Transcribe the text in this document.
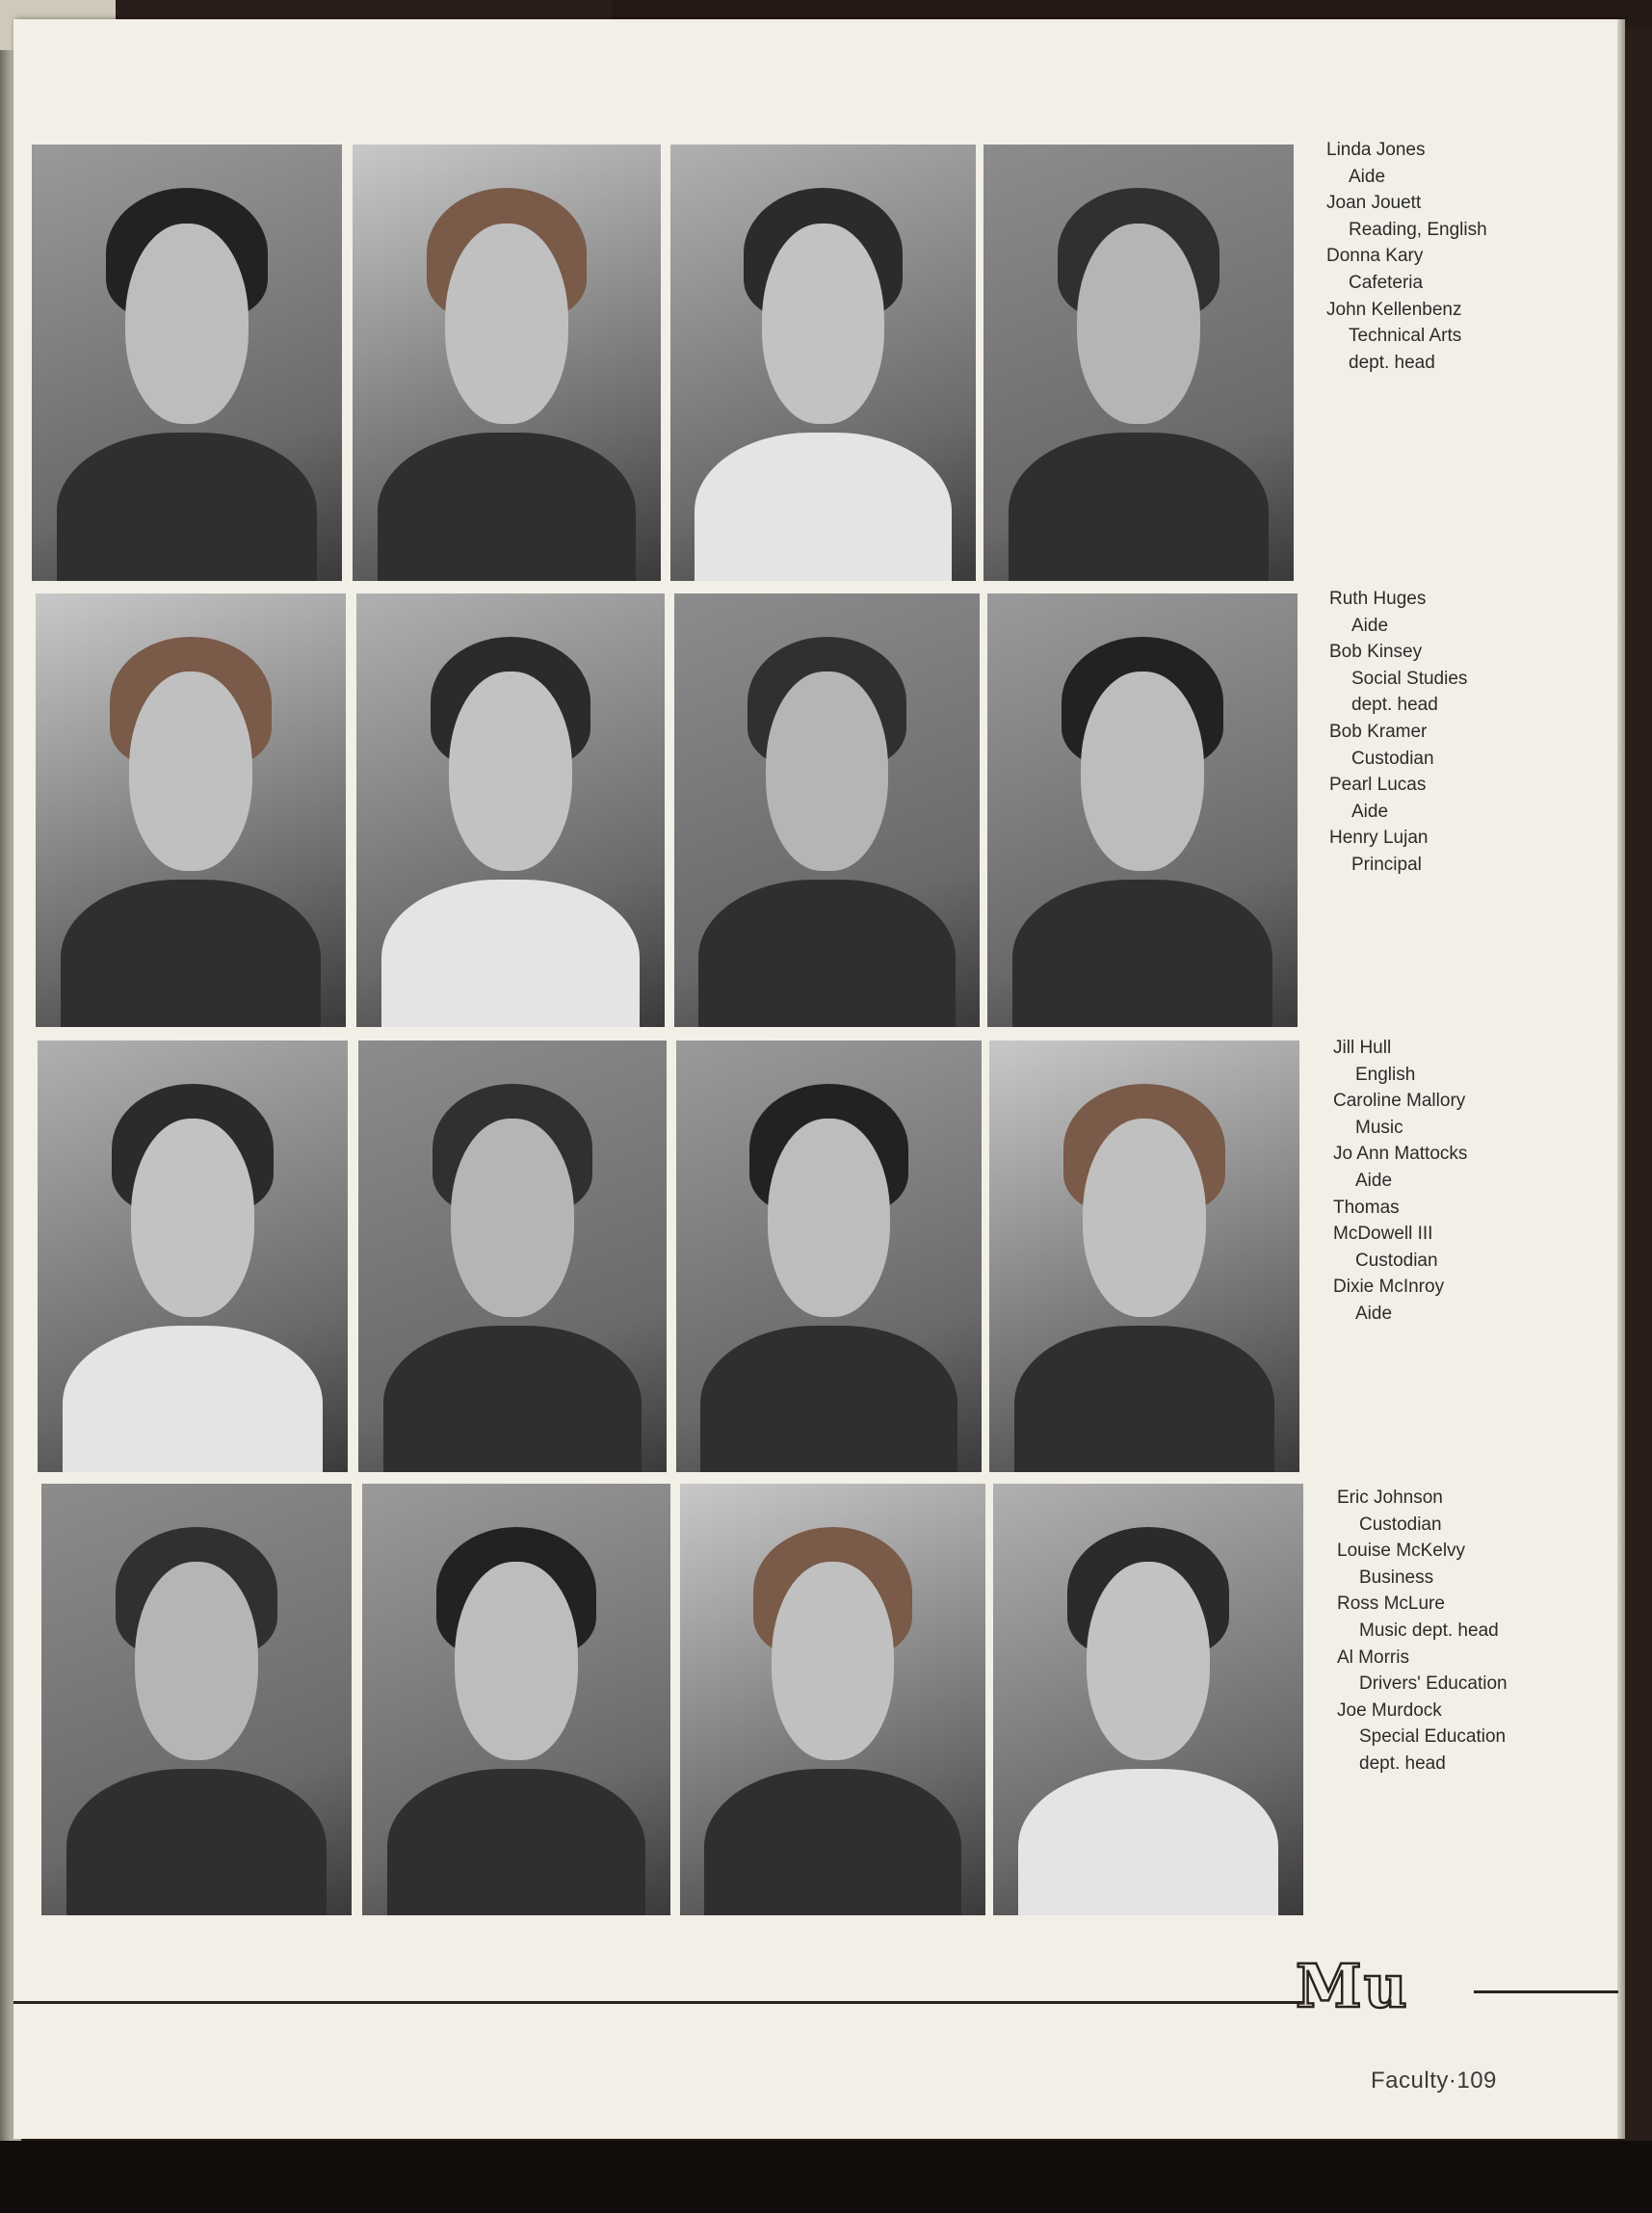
Linda Jones
Aide
Joan Jouett
Reading, English
Donna Kary
Cafeteria
John Kellenbenz
Technical Arts
dept. head
Ruth Huges
Aide
Bob Kinsey
Social Studies
dept. head
Bob Kramer
Custodian
Pearl Lucas
Aide
Henry Lujan
Principal
Jill Hull
English
Caroline Mallory
Music
Jo Ann Mattocks
Aide
Thomas
McDowell III
Custodian
Dixie McInroy
Aide
Eric Johnson
Custodian
Louise McKelvy
Business
Ross McLure
Music dept. head
Al Morris
Drivers' Education
Joe Murdock
Special Education
dept. head
Mu
Faculty·109
